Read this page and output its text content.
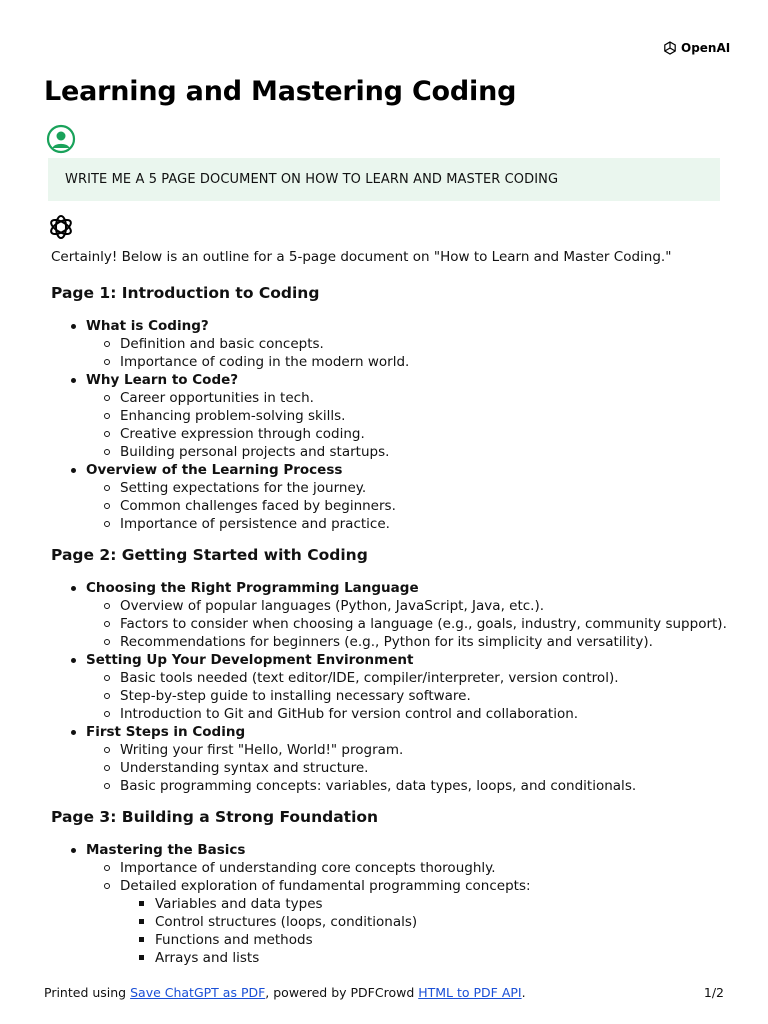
OpenAI
Learning and Mastering Coding
WRITE ME A 5 PAGE DOCUMENT ON HOW TO LEARN AND MASTER CODING

Certainly! Below is an outline for a 5-page document on "How to Learn and Master Coding."

Page 1: Introduction to Coding
What is Coding?
Definition and basic concepts.
Importance of coding in the modern world.
Why Learn to Code?
Career opportunities in tech.
Enhancing problem-solving skills.
Creative expression through coding.
Building personal projects and startups.
Overview of the Learning Process
Setting expectations for the journey.
Common challenges faced by beginners.
Importance of persistence and practice.
Page 2: Getting Started with Coding
Choosing the Right Programming Language
Overview of popular languages (Python, JavaScript, Java, etc.).
Factors to consider when choosing a language (e.g., goals, industry, community support).
Recommendations for beginners (e.g., Python for its simplicity and versatility).
Setting Up Your Development Environment
Basic tools needed (text editor/IDE, compiler/interpreter, version control).
Step-by-step guide to installing necessary software.
Introduction to Git and GitHub for version control and collaboration.
First Steps in Coding
Writing your first "Hello, World!" program.
Understanding syntax and structure.
Basic programming concepts: variables, data types, loops, and conditionals.
Page 3: Building a Strong Foundation
Mastering the Basics
Importance of understanding core concepts thoroughly.
Detailed exploration of fundamental programming concepts:
Variables and data types
Control structures (loops, conditionals)
Functions and methods
Arrays and lists
Printed using Save ChatGPT as PDF, powered by PDFCrowd HTML to PDF API.	1/2
